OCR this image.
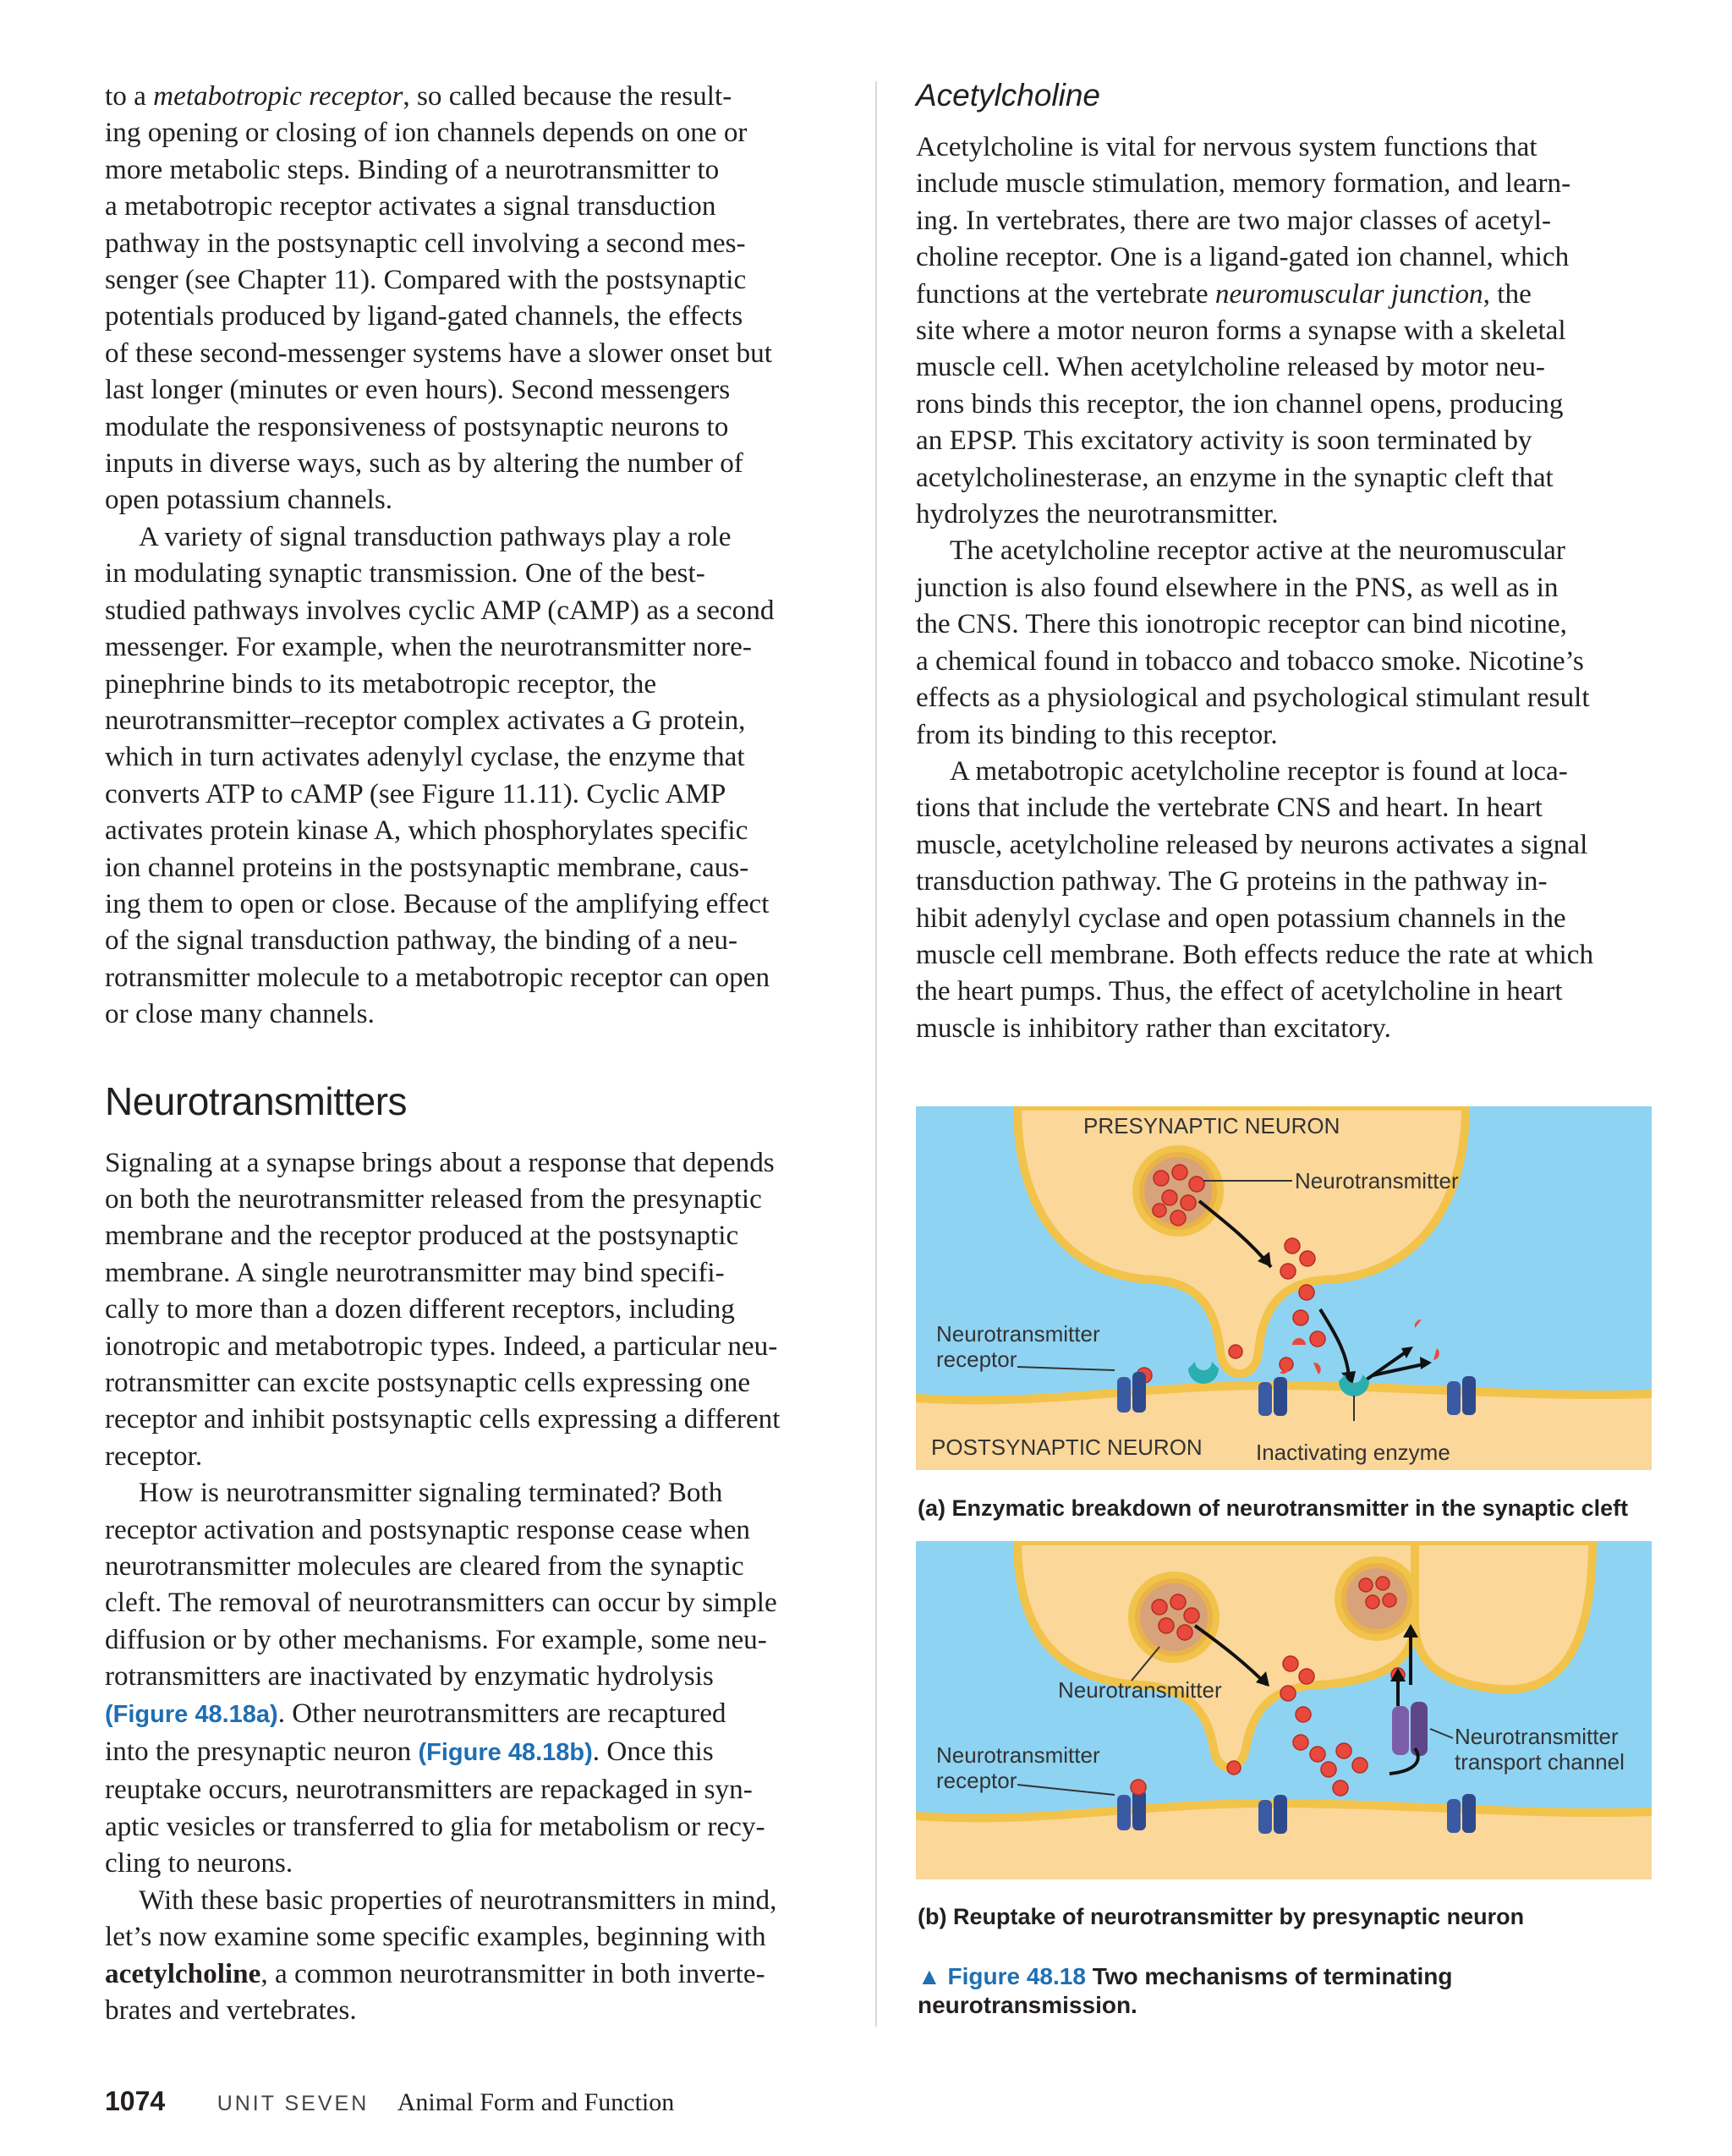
to a metabotropic receptor, so called because the result-
ing opening or closing of ion channels depends on one or
more metabolic steps. Binding of a neurotransmitter to
a metabotropic receptor activates a signal transduction
pathway in the postsynaptic cell involving a second mes-
senger (see Chapter 11). Compared with the postsynaptic
potentials produced by ligand-gated channels, the effects
of these second-messenger systems have a slower onset but
last longer (minutes or even hours). Second messengers
modulate the responsiveness of postsynaptic neurons to
inputs in diverse ways, such as by altering the number of
open potassium channels.

A variety of signal transduction pathways play a role
in modulating synaptic transmission. One of the best-
studied pathways involves cyclic AMP (cAMP) as a second
messenger. For example, when the neurotransmitter nore-
pinephrine binds to its metabotropic receptor, the
neurotransmitter–receptor complex activates a G protein,
which in turn activates adenylyl cyclase, the enzyme that
converts ATP to cAMP (see Figure 11.11). Cyclic AMP
activates protein kinase A, which phosphorylates specific
ion channel proteins in the postsynaptic membrane, caus-
ing them to open or close. Because of the amplifying effect
of the signal transduction pathway, the binding of a neu-
rotransmitter molecule to a metabotropic receptor can open
or close many channels.

Neurotransmitters

Signaling at a synapse brings about a response that depends
on both the neurotransmitter released from the presynaptic
membrane and the receptor produced at the postsynaptic
membrane. A single neurotransmitter may bind specifi-
cally to more than a dozen different receptors, including
ionotropic and metabotropic types. Indeed, a particular neu-
rotransmitter can excite postsynaptic cells expressing one
receptor and inhibit postsynaptic cells expressing a different
receptor.

How is neurotransmitter signaling terminated? Both
receptor activation and postsynaptic response cease when
neurotransmitter molecules are cleared from the synaptic
cleft. The removal of neurotransmitters can occur by simple
diffusion or by other mechanisms. For example, some neu-
rotransmitters are inactivated by enzymatic hydrolysis
(Figure 48.18a). Other neurotransmitters are recaptured
into the presynaptic neuron (Figure 48.18b). Once this
reuptake occurs, neurotransmitters are repackaged in syn-
aptic vesicles or transferred to glia for metabolism or recy-
cling to neurons.

With these basic properties of neurotransmitters in mind,
let’s now examine some specific examples, beginning with
acetylcholine, a common neurotransmitter in both inverte-
brates and vertebrates.

Acetylcholine

Acetylcholine is vital for nervous system functions that
include muscle stimulation, memory formation, and learn-
ing. In vertebrates, there are two major classes of acetyl-
choline receptor. One is a ligand-gated ion channel, which
functions at the vertebrate neuromuscular junction, the
site where a motor neuron forms a synapse with a skeletal
muscle cell. When acetylcholine released by motor neu-
rons binds this receptor, the ion channel opens, producing
an EPSP. This excitatory activity is soon terminated by
acetylcholinesterase, an enzyme in the synaptic cleft that
hydrolyzes the neurotransmitter.

The acetylcholine receptor active at the neuromuscular
junction is also found elsewhere in the PNS, as well as in
the CNS. There this ionotropic receptor can bind nicotine,
a chemical found in tobacco and tobacco smoke. Nicotine’s
effects as a physiological and psychological stimulant result
from its binding to this receptor.

A metabotropic acetylcholine receptor is found at loca-
tions that include the vertebrate CNS and heart. In heart
muscle, acetylcholine released by neurons activates a signal
transduction pathway. The G proteins in the pathway in-
hibit adenylyl cyclase and open potassium channels in the
muscle cell membrane. Both effects reduce the rate at which
the heart pumps. Thus, the effect of acetylcholine in heart
muscle is inhibitory rather than excitatory.

PRESYNAPTIC NEURON
Neurotransmitter
Neurotransmitter
receptor
POSTSYNAPTIC NEURON Inactivating enzyme
(a) Enzymatic breakdown of neurotransmitter in the synaptic cleft
Neurotransmitter
Neurotransmitter
receptor
Neurotransmitter
transport channel
(b) Reuptake of neurotransmitter by presynaptic neuron
▲ Figure 48.18 Two mechanisms of terminating
neurotransmission.
1074 UNIT SEVEN Animal Form and Function
